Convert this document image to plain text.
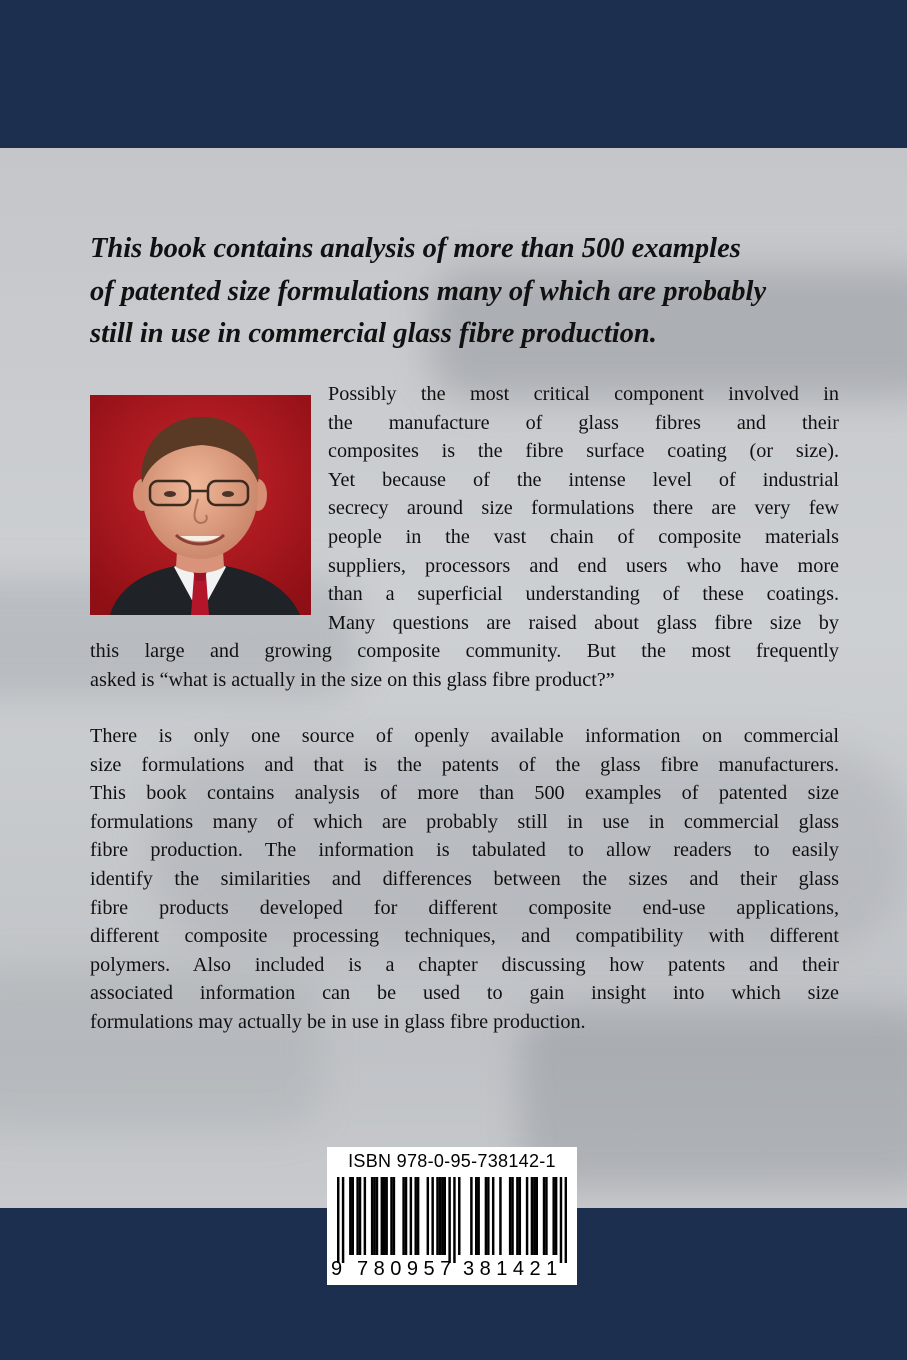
This book contains analysis of more than 500 examples
of patented size formulations many of which are probably
still in use in commercial glass fibre production.
Possibly the most critical component involved in
the manufacture of glass fibres and their
composites is the fibre surface coating (or size).
Yet because of the intense level of industrial
secrecy around size formulations there are very few
people in the vast chain of composite materials
suppliers, processors and end users who have more
than a superficial understanding of these coatings.
Many questions are raised about glass fibre size by
this large and growing composite community. But the most frequently
asked is “what is actually in the size on this glass fibre product?”
There is only one source of openly available information on commercial
size formulations and that is the patents of the glass fibre manufacturers.
This book contains analysis of more than 500 examples of patented size
formulations many of which are probably still in use in commercial glass
fibre production. The information is tabulated to allow readers to easily
identify the similarities and differences between the sizes and their glass
fibre products developed for different composite end-use applications,
different composite processing techniques, and compatibility with different
polymers. Also included is a chapter discussing how patents and their
associated information can be used to gain insight into which size
formulations may actually be in use in glass fibre production.
ISBN 978-0-95-738142-1
9 780957 381421
